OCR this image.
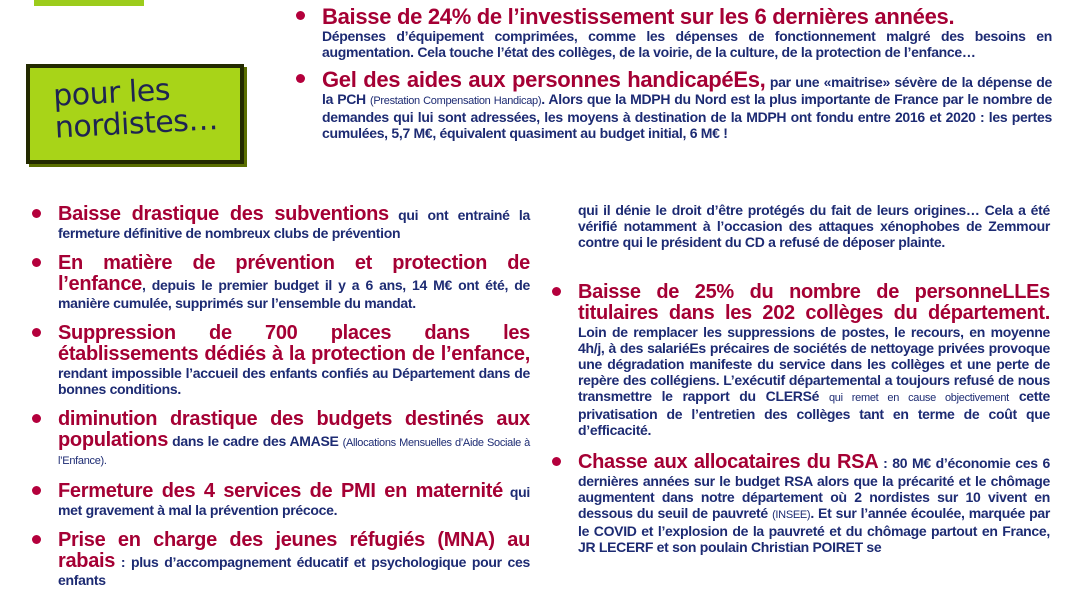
pour les nordistes…
Baisse de 24% de l’investissement sur les 6 dernières années.
Dépenses d’équipement comprimées, comme les dépenses de fonctionnement malgré des besoins en augmentation. Cela touche l’état des collèges, de la voirie, de la culture, de la protection de l’enfance…
Gel des aides aux personnes handicapéEs, par une «maitrise» sévère de la dépense de la PCH (Prestation Compensation Handicap). Alors que la MDPH du Nord est la plus importante de France par le nombre de demandes qui lui sont adressées, les moyens à destination de la MDPH ont fondu entre 2016 et 2020 : les pertes cumulées, 5,7 M€, équivalent quasiment au budget initial, 6 M€ !
Baisse drastique des subventions qui ont entrainé la fermeture définitive de nombreux clubs de prévention
En matière de prévention et protection de l’enfance, depuis le premier budget il y a 6 ans, 14 M€ ont été, de manière cumulée, supprimés sur l’ensemble du mandat.
Suppression de 700 places dans les établissements dédiés à la protection de l’enfance, rendant impossible l’accueil des enfants confiés au Département dans de bonnes conditions.
diminution drastique des budgets destinés aux populations dans le cadre des AMASE (Allocations Mensuelles d’Aide Sociale à l’Enfance).
Fermeture des 4 services de PMI en maternité qui met gravement à mal la prévention précoce.
Prise en charge des jeunes réfugiés (MNA) au rabais : plus d’accompagnement éducatif et psychologique pour ces enfants
qui il dénie le droit d’être protégés du fait de leurs origines… Cela a été vérifié notamment à l’occasion des attaques xénophobes de Zemmour contre qui le président du CD a refusé de déposer plainte.
Baisse de 25% du nombre de personneLLEs titulaires dans les 202 collèges du département. Loin de remplacer les suppressions de postes, le recours, en moyenne 4h/j, à des salariéEs précaires de sociétés de nettoyage privées provoque une dégradation manifeste du service dans les collèges et une perte de repère des collégiens. L’exécutif départemental a toujours refusé de nous transmettre le rapport du CLERSé qui remet en cause objectivement cette privatisation de l’entretien des collèges tant en terme de coût que d’efficacité.
Chasse aux allocataires du RSA : 80 M€ d’économie ces 6 dernières années sur le budget RSA alors que la précarité et le chômage augmentent dans notre département où 2 nordistes sur 10 vivent en dessous du seuil de pauvreté (INSEE). Et sur l’année écoulée, marquée par le COVID et l’explosion de la pauvreté et du chômage partout en France, JR LECERF et son poulain Christian POIRET se
